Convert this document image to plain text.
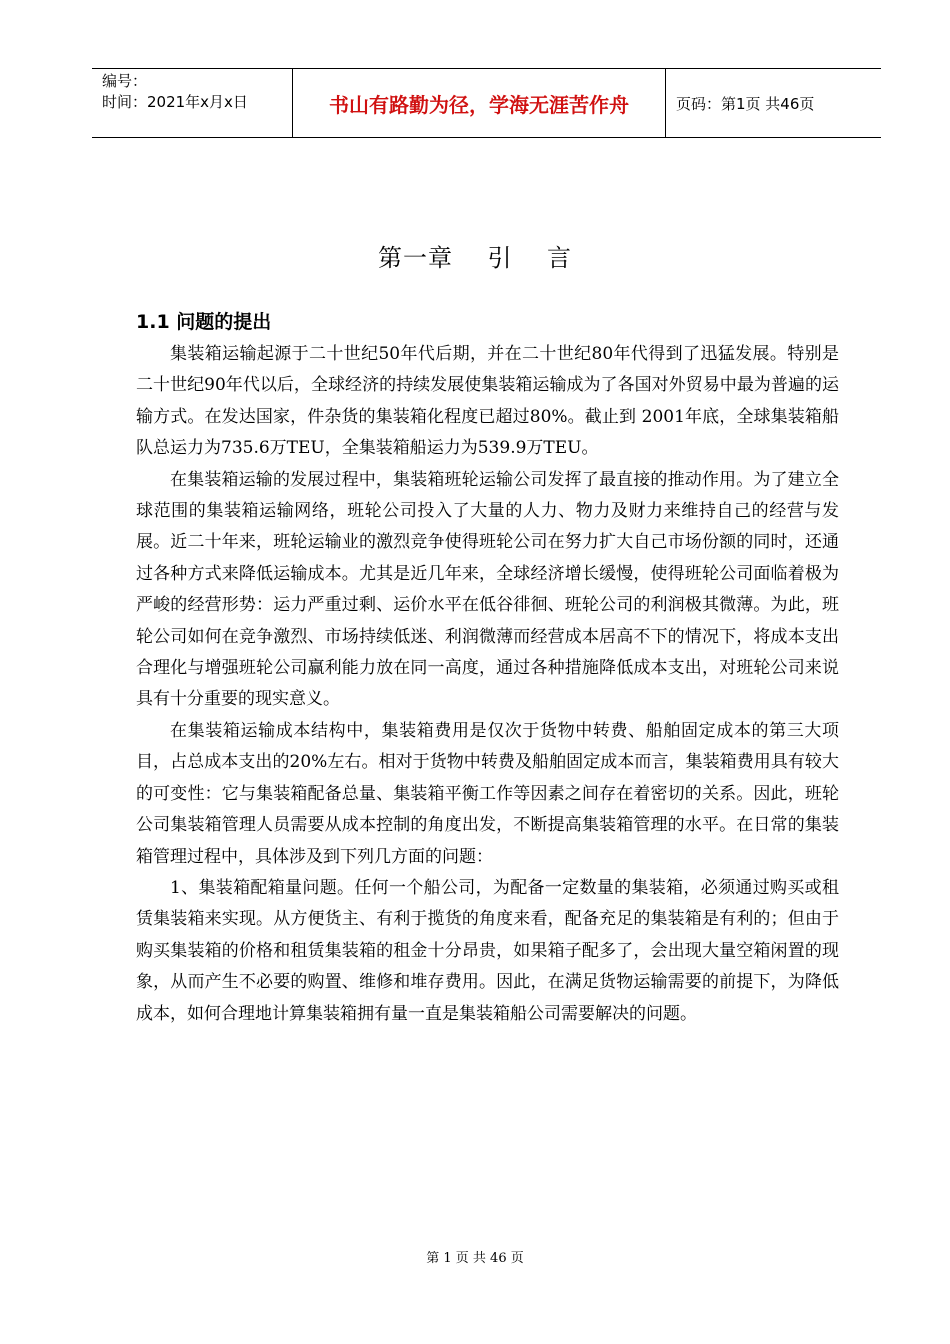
编号：
时间：2021年x月x日	书山有路勤为径，学海无涯苦作舟	页码：第1页 共46页
第一章    引    言
1.1 问题的提出

集装箱运输起源于二十世纪50年代后期，并在二十世纪80年代得到了迅猛发展。特别是二十世纪90年代以后，全球经济的持续发展使集装箱运输成为了各国对外贸易中最为普遍的运输方式。在发达国家，件杂货的集装箱化程度已超过80%。截止到 2001年底，全球集装箱船队总运力为735.6万TEU，全集装箱船运力为539.9万TEU。

在集装箱运输的发展过程中，集装箱班轮运输公司发挥了最直接的推动作用。为了建立全球范围的集装箱运输网络，班轮公司投入了大量的人力、物力及财力来维持自己的经营与发展。近二十年来，班轮运输业的激烈竞争使得班轮公司在努力扩大自己市场份额的同时，还通过各种方式来降低运输成本。尤其是近几年来，全球经济增长缓慢，使得班轮公司面临着极为严峻的经营形势：运力严重过剩、运价水平在低谷徘徊、班轮公司的利润极其微薄。为此，班轮公司如何在竞争激烈、市场持续低迷、利润微薄而经营成本居高不下的情况下，将成本支出合理化与增强班轮公司赢利能力放在同一高度，通过各种措施降低成本支出，对班轮公司来说具有十分重要的现实意义。

在集装箱运输成本结构中，集装箱费用是仅次于货物中转费、船舶固定成本的第三大项目，占总成本支出的20%左右。相对于货物中转费及船舶固定成本而言，集装箱费用具有较大的可变性：它与集装箱配备总量、集装箱平衡工作等因素之间存在着密切的关系。因此，班轮公司集装箱管理人员需要从成本控制的角度出发，不断提高集装箱管理的水平。在日常的集装箱管理过程中，具体涉及到下列几方面的问题：

1、集装箱配箱量问题。任何一个船公司，为配备一定数量的集装箱，必须通过购买或租赁集装箱来实现。从方便货主、有利于揽货的角度来看，配备充足的集装箱是有利的；但由于购买集装箱的价格和租赁集装箱的租金十分昂贵，如果箱子配多了，会出现大量空箱闲置的现象，从而产生不必要的购置、维修和堆存费用。因此，在满足货物运输需要的前提下，为降低成本，如何合理地计算集装箱拥有量一直是集装箱船公司需要解决的问题。

第 1 页 共 46 页
